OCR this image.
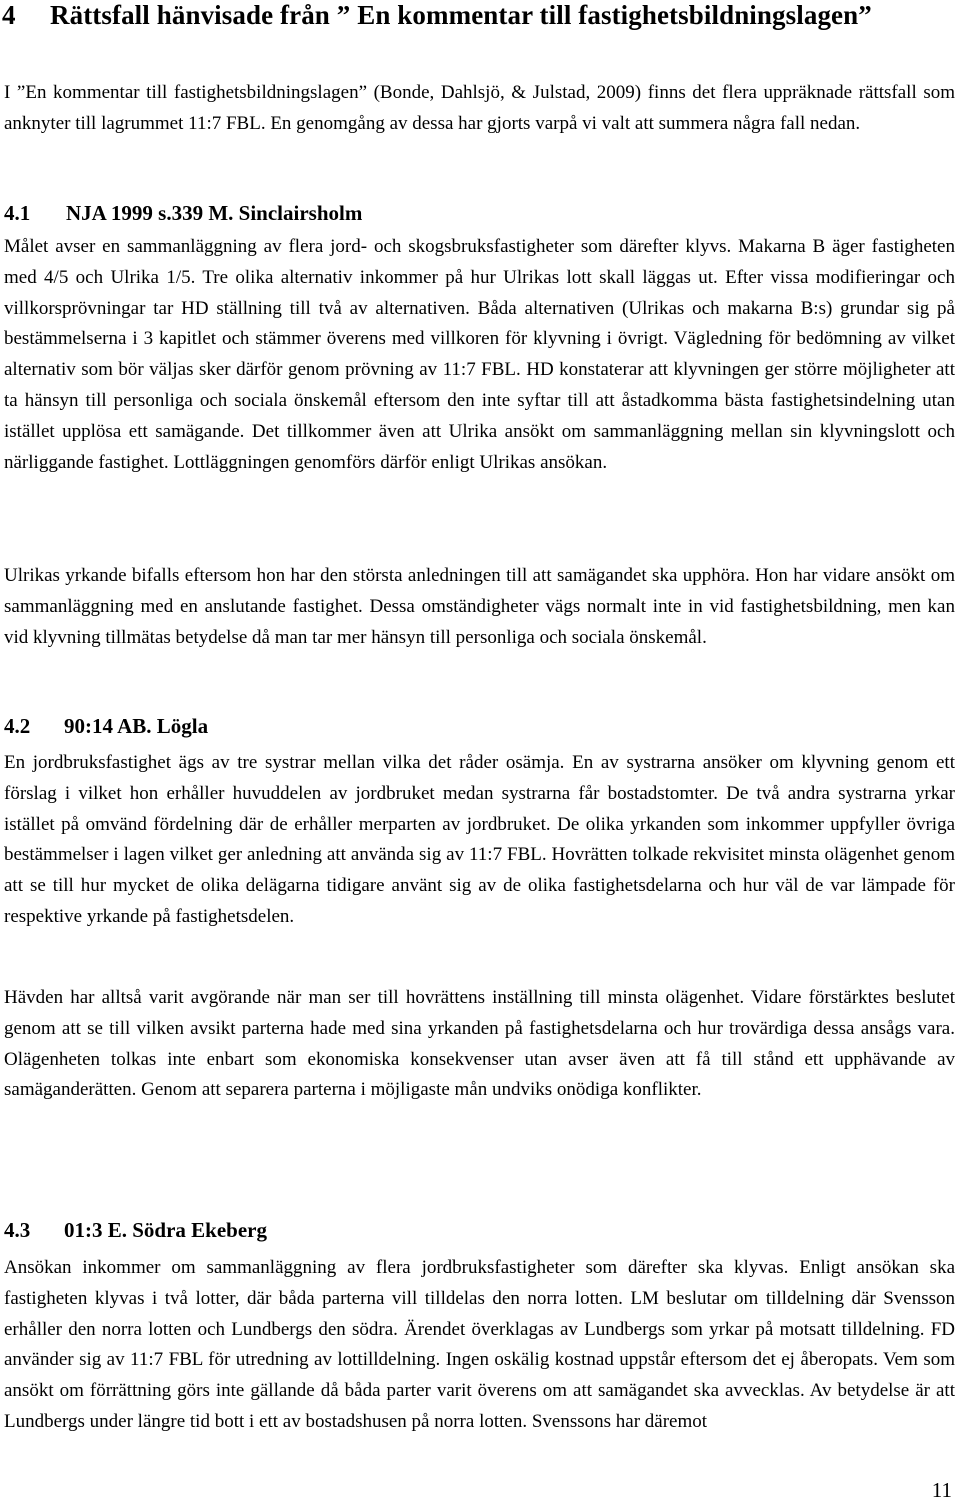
4 Rättsfall hänvisade från ” En kommentar till fastighetsbildningslagen”

I ”En kommentar till fastighetsbildningslagen” (Bonde, Dahlsjö, & Julstad, 2009) finns det flera uppräknade rättsfall som anknyter till lagrummet 11:7 FBL. En genomgång av dessa har gjorts varpå vi valt att summera några fall nedan.

4.1 NJA 1999 s.339 M. Sinclairsholm

Målet avser en sammanläggning av flera jord- och skogsbruksfastigheter som därefter klyvs. Makarna B äger fastigheten med 4/5 och Ulrika 1/5. Tre olika alternativ inkommer på hur Ulrikas lott skall läggas ut. Efter vissa modifieringar och villkorsprövningar tar HD ställning till två av alternativen. Båda alternativen (Ulrikas och makarna B:s) grundar sig på bestämmelserna i 3 kapitlet och stämmer överens med villkoren för klyvning i övrigt. Vägledning för bedömning av vilket alternativ som bör väljas sker därför genom prövning av 11:7 FBL. HD konstaterar att klyvningen ger större möjligheter att ta hänsyn till personliga och sociala önskemål eftersom den inte syftar till att åstadkomma bästa fastighetsindelning utan istället upplösa ett samägande. Det tillkommer även att Ulrika ansökt om sammanläggning mellan sin klyvningslott och närliggande fastighet. Lottläggningen genomförs därför enligt Ulrikas ansökan.

Ulrikas yrkande bifalls eftersom hon har den största anledningen till att samägandet ska upphöra. Hon har vidare ansökt om sammanläggning med en anslutande fastighet. Dessa omständigheter vägs normalt inte in vid fastighetsbildning, men kan vid klyvning tillmätas betydelse då man tar mer hänsyn till personliga och sociala önskemål.

4.2 90:14 AB. Lögla

En jordbruksfastighet ägs av tre systrar mellan vilka det råder osämja. En av systrarna ansöker om klyvning genom ett förslag i vilket hon erhåller huvuddelen av jordbruket medan systrarna får bostadstomter. De två andra systrarna yrkar istället på omvänd fördelning där de erhåller merparten av jordbruket. De olika yrkanden som inkommer uppfyller övriga bestämmelser i lagen vilket ger anledning att använda sig av 11:7 FBL. Hovrätten tolkade rekvisitet minsta olägenhet genom att se till hur mycket de olika delägarna tidigare använt sig av de olika fastighetsdelarna och hur väl de var lämpade för respektive yrkande på fastighetsdelen.

Hävden har alltså varit avgörande när man ser till hovrättens inställning till minsta olägenhet. Vidare förstärktes beslutet genom att se till vilken avsikt parterna hade med sina yrkanden på fastighetsdelarna och hur trovärdiga dessa ansågs vara. Olägenheten tolkas inte enbart som ekonomiska konsekvenser utan avser även att få till stånd ett upphävande av samäganderätten. Genom att separera parterna i möjligaste mån undviks onödiga konflikter.

4.3 01:3 E. Södra Ekeberg

Ansökan inkommer om sammanläggning av flera jordbruksfastigheter som därefter ska klyvas. Enligt ansökan ska fastigheten klyvas i två lotter, där båda parterna vill tilldelas den norra lotten. LM beslutar om tilldelning där Svensson erhåller den norra lotten och Lundbergs den södra. Ärendet överklagas av Lundbergs som yrkar på motsatt tilldelning. FD använder sig av 11:7 FBL för utredning av lottilldelning. Ingen oskälig kostnad uppstår eftersom det ej åberopats. Vem som ansökt om förrättning görs inte gällande då båda parter varit överens om att samägandet ska avvecklas. Av betydelse är att Lundbergs under längre tid bott i ett av bostadshusen på norra lotten. Svenssons har däremot

11
